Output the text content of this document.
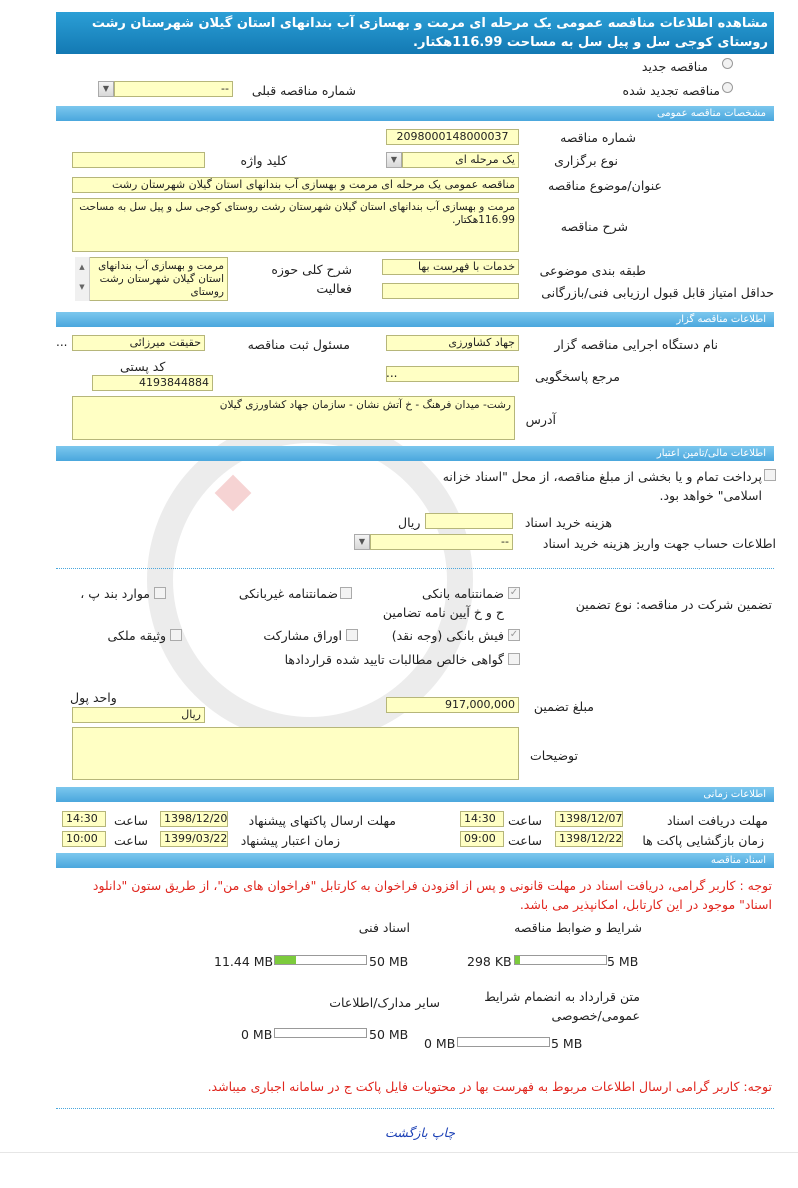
مشاهده اطلاعات مناقصه عمومی یک مرحله ای مرمت و بهسازی آب بندانهای استان گیلان شهرستان رشت روستای کوجی سل و پیل سل به مساحت 116.99هکتار.
مناقصه جدید
مناقصه تجدید شده
شماره مناقصه قبلی
--
▼
مشخصات مناقصه عمومی
شماره مناقصه
2098000148000037
نوع برگزاری
یک مرحله ای
▼
کلید واژه
عنوان/موضوع مناقصه
مناقصه عمومی یک مرحله ای مرمت و بهسازی آب بندانهای استان گیلان شهرستان رشت
شرح مناقصه
مرمت و بهسازی آب بندانهای استان گیلان شهرستان رشت روستای کوجی سل و پیل سل به مساحت 116.99هکتار.
طبقه بندی موضوعی
خدمات با فهرست بها
شرح کلی حوزه فعالیت
مرمت و بهسازی آب بندانهای استان گیلان شهرستان رشت روستای
▲
▼	حداقل امتیاز قابل قبول ارزیابی فنی/بازرگانی
اطلاعات مناقصه گزار
نام دستگاه اجرایی مناقصه گزار
جهاد کشاورزی
مسئول ثبت مناقصه
حقیقت میرزائی
...
مرجع پاسخگویی
...
کد پستی
4193844884
آدرس
رشت- میدان فرهنگ - خ آتش نشان - سازمان جهاد کشاورزی گیلان
اطلاعات مالی/تامین اعتبار
پرداخت تمام و یا بخشی از مبلغ مناقصه، از محل "اسناد خزانه اسلامی" خواهد بود.
هزینه خرید اسناد
ریال
اطلاعات حساب جهت واریز هزینه خرید اسناد
--
▼
تضمین شرکت در مناقصه:
نوع تضمین
✓
ضمانتنامه بانکی
ح و خ آیین نامه تضامین
ضمانتنامه غیربانکی
موارد بند پ ،
✓
فیش بانکی (وجه نقد)
اوراق مشارکت
وثیقه ملکی
گواهی خالص مطالبات تایید شده قراردادها
مبلغ تضمین
917,000,000
واحد پول
ریال
توضیحات
اطلاعات زمانی
مهلت دریافت اسناد
1398/12/07
ساعت
14:30
مهلت ارسال پاکتهای پیشنهاد
1398/12/20
ساعت
14:30
زمان بازگشایی پاکت ها
1398/12/22
ساعت
09:00
زمان اعتبار پیشنهاد
1399/03/22
ساعت
10:00
اسناد مناقصه
توجه : کاربر گرامی، دریافت اسناد در مهلت قانونی و پس از افزودن فراخوان به کارتابل "فراخوان های من"، از طریق ستون "دانلود اسناد" موجود در این کارتابل، امکانپذیر می باشد.
شرایط و ضوابط مناقصه
5 MB
298 KB
اسناد فنی
50 MB
11.44 MB
متن قرارداد به انضمام شرایط عمومی/خصوصی
5 MB
0 MB
سایر مدارک/اطلاعات
50 MB
0 MB
توجه: کاربر گرامی ارسال اطلاعات مربوط به فهرست بها در محتویات فایل پاکت ج در سامانه اجباری میباشد.
چاپ بازگشت
